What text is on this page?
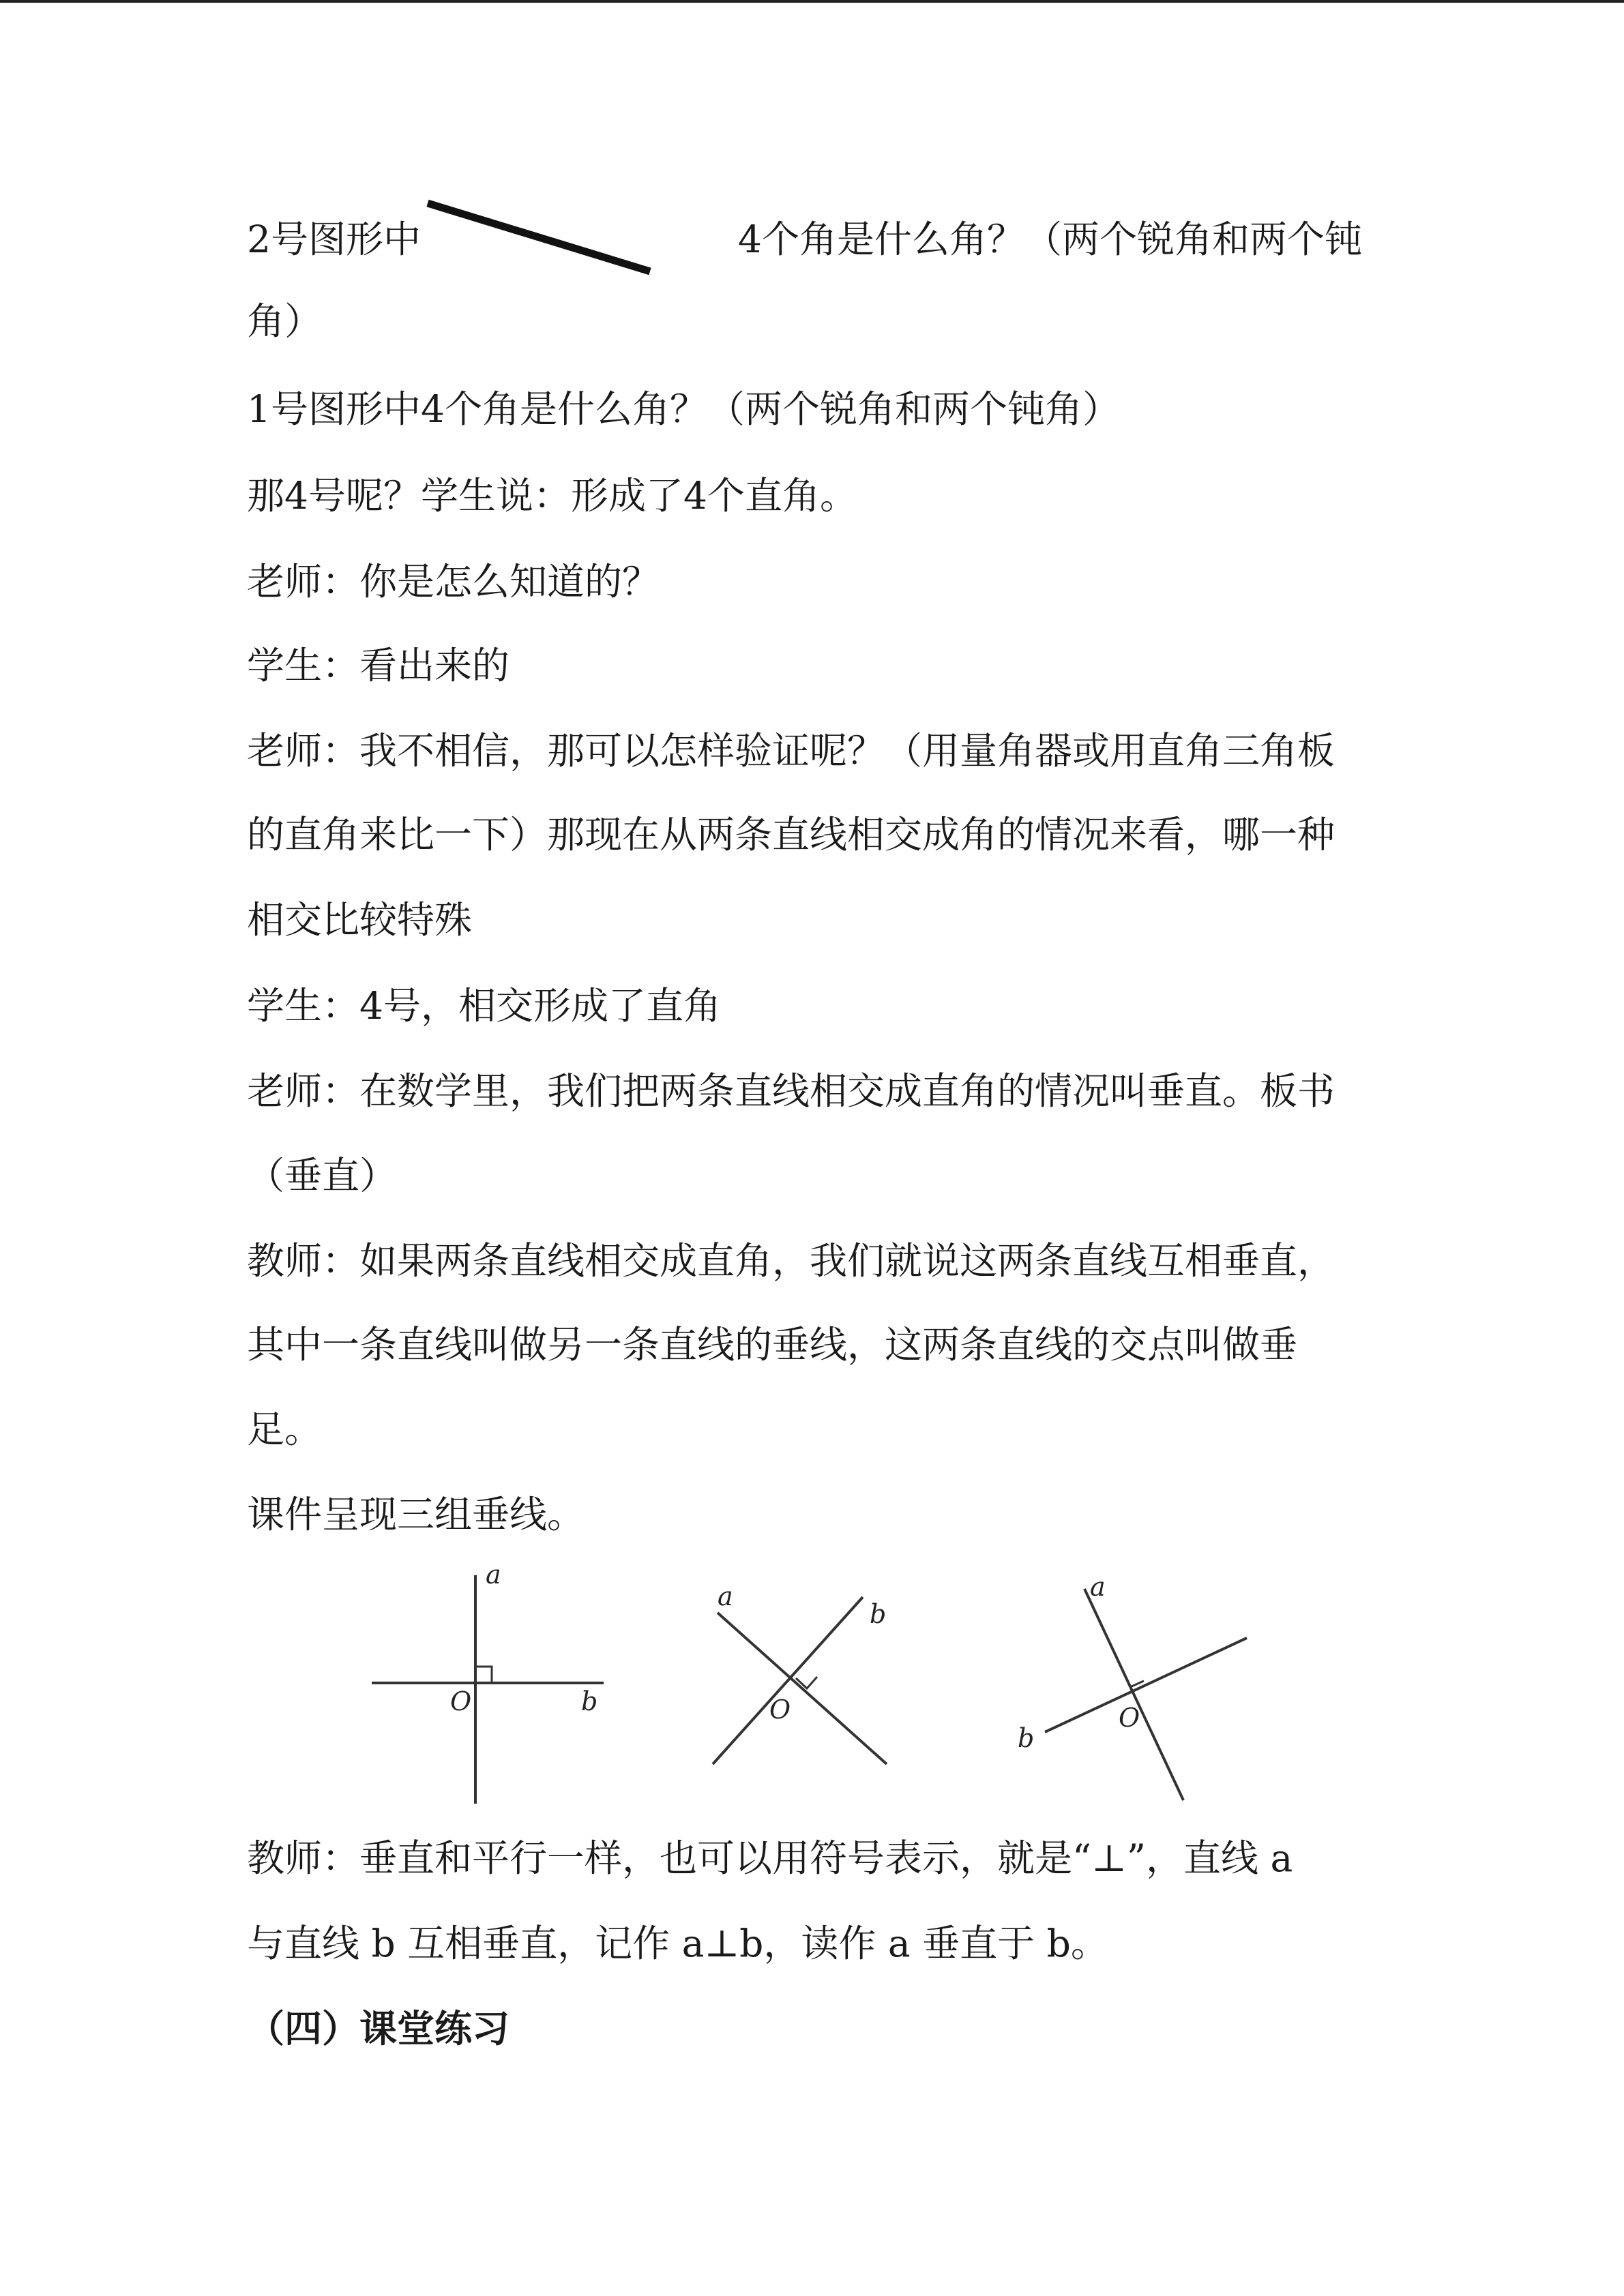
2号图形中	4个角是什么角？（两个锐角和两个钝
角）
1号图形中4个角是什么角？（两个锐角和两个钝角）
那4号呢？学生说：形成了4个直角。
老师：你是怎么知道的？
学生：看出来的
老师：我不相信，那可以怎样验证呢？（用量角器或用直角三角板
的直角来比一下）那现在从两条直线相交成角的情况来看，哪一种
相交比较特殊
学生：4号，相交形成了直角
老师：在数学里，我们把两条直线相交成直角的情况叫垂直。板书
（垂直）
教师：如果两条直线相交成直角，我们就说这两条直线互相垂直，
其中一条直线叫做另一条直线的垂线，这两条直线的交点叫做垂
足。
课件呈现三组垂线。
a
O	b
a
b
O
a
b
O
教师：垂直和平行一样，也可以用符号表示，就是“⊥”，直线 a
与直线 b 互相垂直，记作 a⊥b，读作 a 垂直于 b。
（四）课堂练习
